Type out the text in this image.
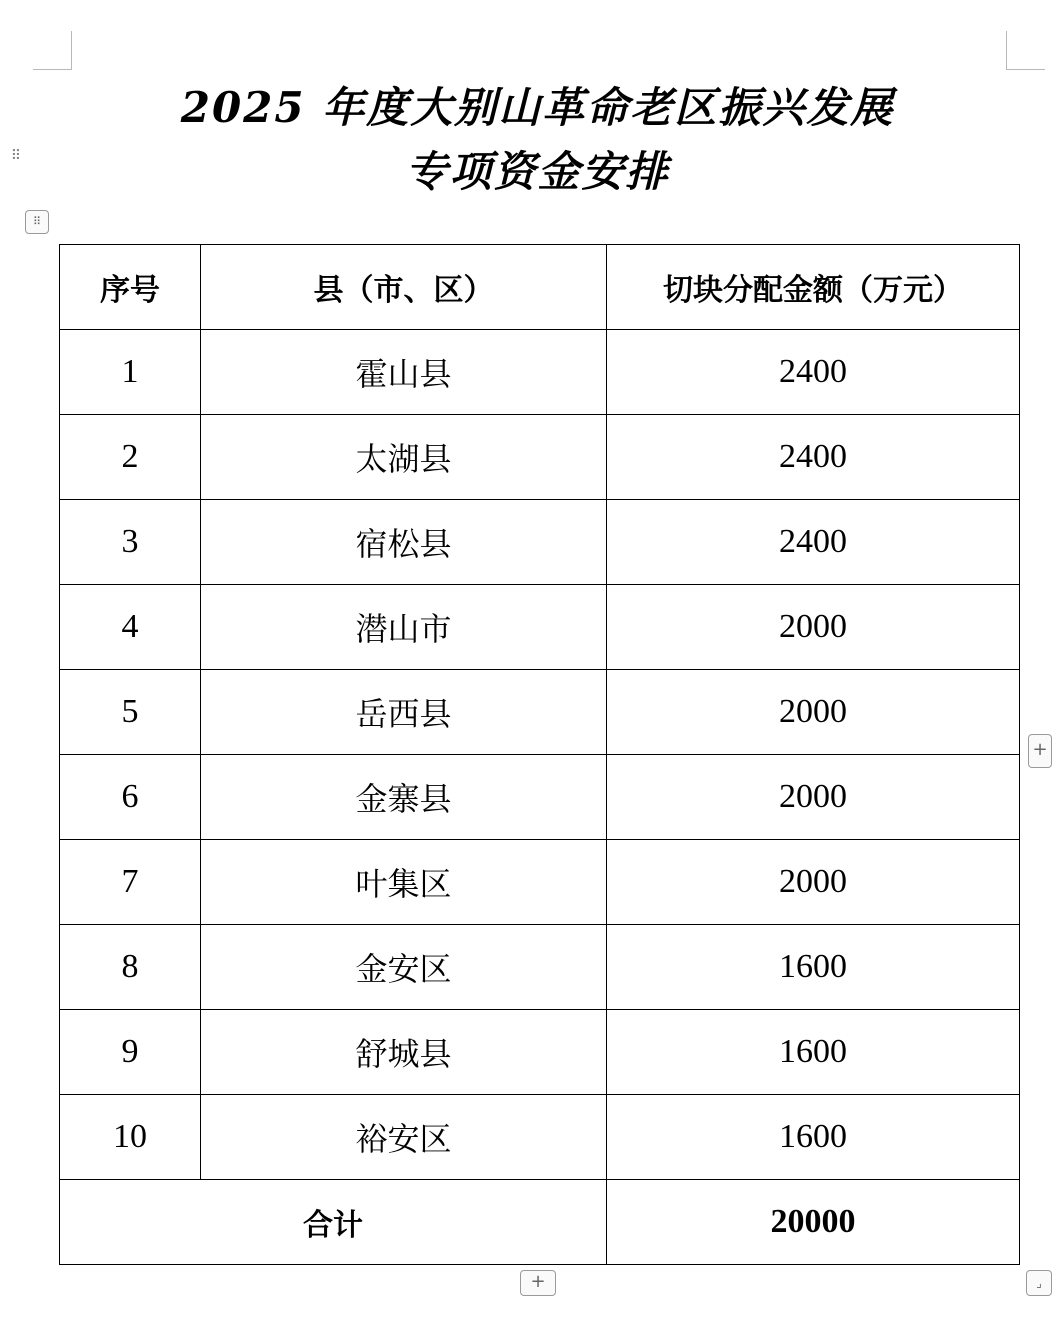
⠿
2025 年度大别山革命老区振兴发展
专项资金安排
⠿
序号	县（市、区）	切块分配金额（万元）
1	霍山县	2400
2	太湖县	2400
3	宿松县	2400
4	潜山市	2000
5	岳西县	2000
6	金寨县	2000
7	叶集区	2000
8	金安区	1600
9	舒城县	1600
10	裕安区	1600
合计		20000
+
+	⌟
